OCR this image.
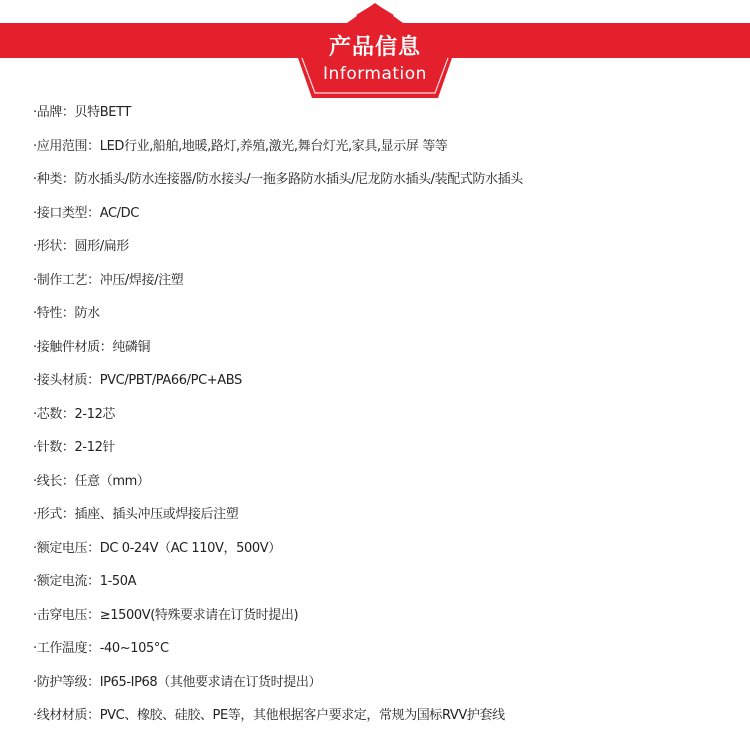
产品信息
Information
·品牌：贝特BETT
·应用范围：LED行业,船舶,地暖,路灯,养殖,激光,舞台灯光,家具,显示屏 等等
·种类：防水插头/防水连接器/防水接头/一拖多路防水插头/尼龙防水插头/装配式防水插头
·接口类型：AC/DC
·形状：圆形/扁形
·制作工艺：冲压/焊接/注塑
·特性：防水
·接触件材质：纯磷铜
·接头材质：PVC/PBT/PA66/PC+ABS
·芯数：2-12芯
·针数：2-12针
·线长：任意（mm）
·形式：插座、插头冲压或焊接后注塑
·额定电压：DC 0-24V（AC 110V，500V）
·额定电流：1-50A
·击穿电压：≥1500V(特殊要求请在订货时提出)
·工作温度：-40~105°C
·防护等级：IP65-IP68（其他要求请在订货时提出）
·线材材质：PVC、橡胶、硅胶、PE等，其他根据客户要求定，常规为国标RVV护套线
